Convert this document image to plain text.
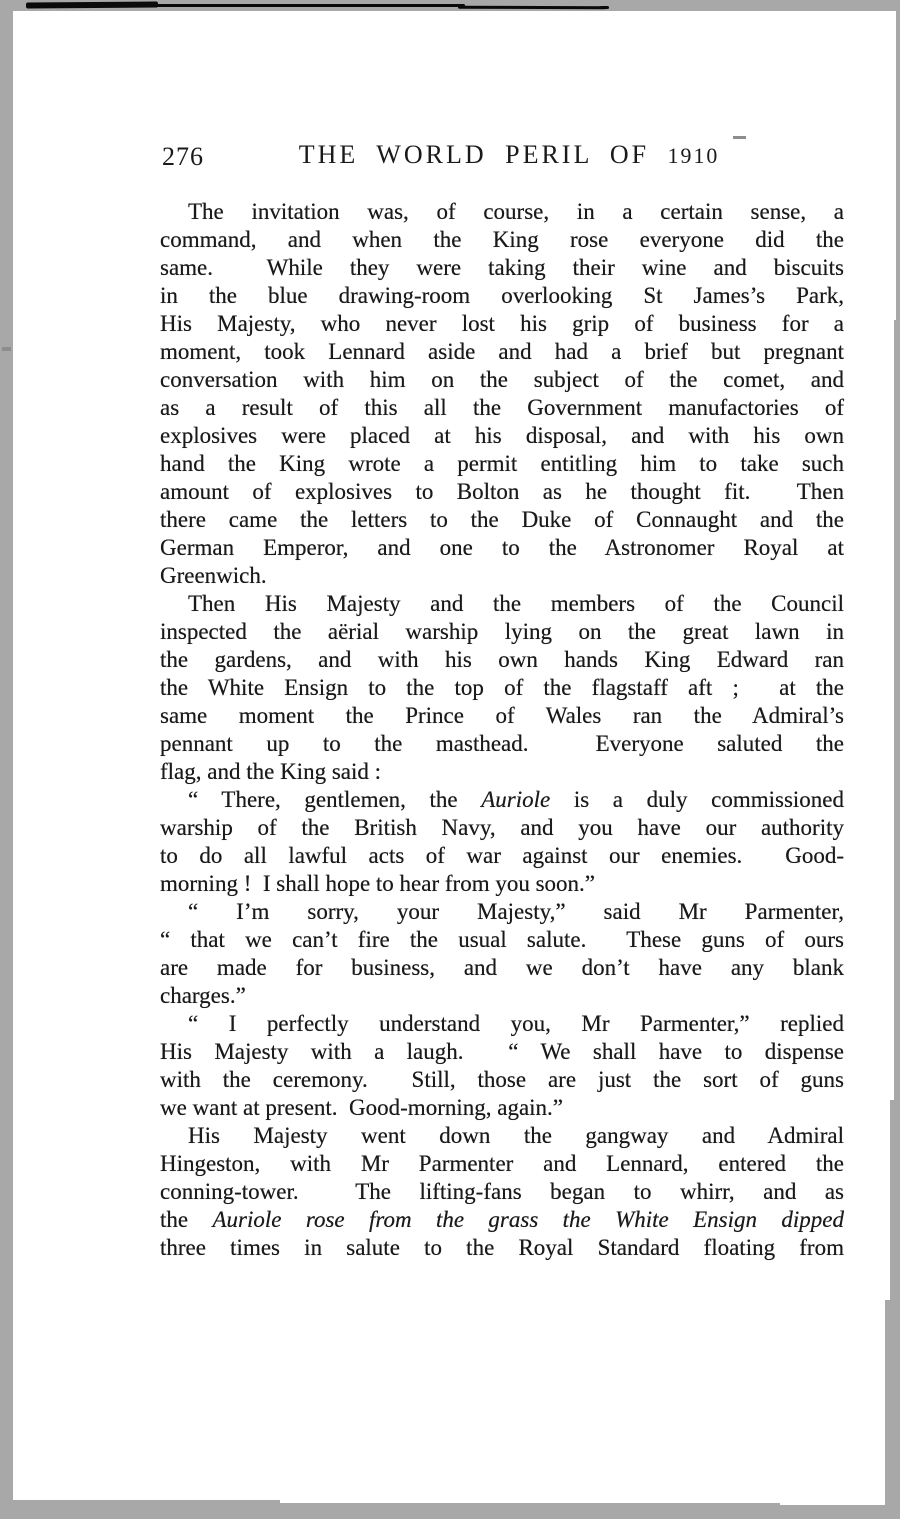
276	THE WORLD PERIL OF 1910
The invitation was, of course, in a certain sense, a
command, and when the King rose everyone did the
same.  While they were taking their wine and biscuits
in the blue drawing-room overlooking St James’s Park,
His Majesty, who never lost his grip of business for a
moment, took Lennard aside and had a brief but pregnant
conversation with him on the subject of the comet, and
as a result of this all the Government manufactories of
explosives were placed at his disposal, and with his own
hand the King wrote a permit entitling him to take such
amount of explosives to Bolton as he thought fit.  Then
there came the letters to the Duke of Connaught and the
German Emperor, and one to the Astronomer Royal at
Greenwich.
Then His Majesty and the members of the Council
inspected the aërial warship lying on the great lawn in
the gardens, and with his own hands King Edward ran
the White Ensign to the top of the flagstaff aft ;  at the
same moment the Prince of Wales ran the Admiral’s
pennant up to the masthead.  Everyone saluted the
flag, and the King said :
“ There, gentlemen, the Auriole is a duly commissioned
warship of the British Navy, and you have our authority
to do all lawful acts of war against our enemies.  Good-
morning !  I shall hope to hear from you soon.”
“ I’m sorry, your Majesty,” said Mr Parmenter,
“ that we can’t fire the usual salute.  These guns of ours
are made for business, and we don’t have any blank
charges.”
“ I perfectly understand you, Mr Parmenter,” replied
His Majesty with a laugh.  “ We shall have to dispense
with the ceremony.  Still, those are just the sort of guns
we want at present.  Good-morning, again.”
His Majesty went down the gangway and Admiral
Hingeston, with Mr Parmenter and Lennard, entered the
conning-tower.  The lifting-fans began to whirr, and as
the Auriole rose from the grass the White Ensign dipped
three times in salute to the Royal Standard floating from
